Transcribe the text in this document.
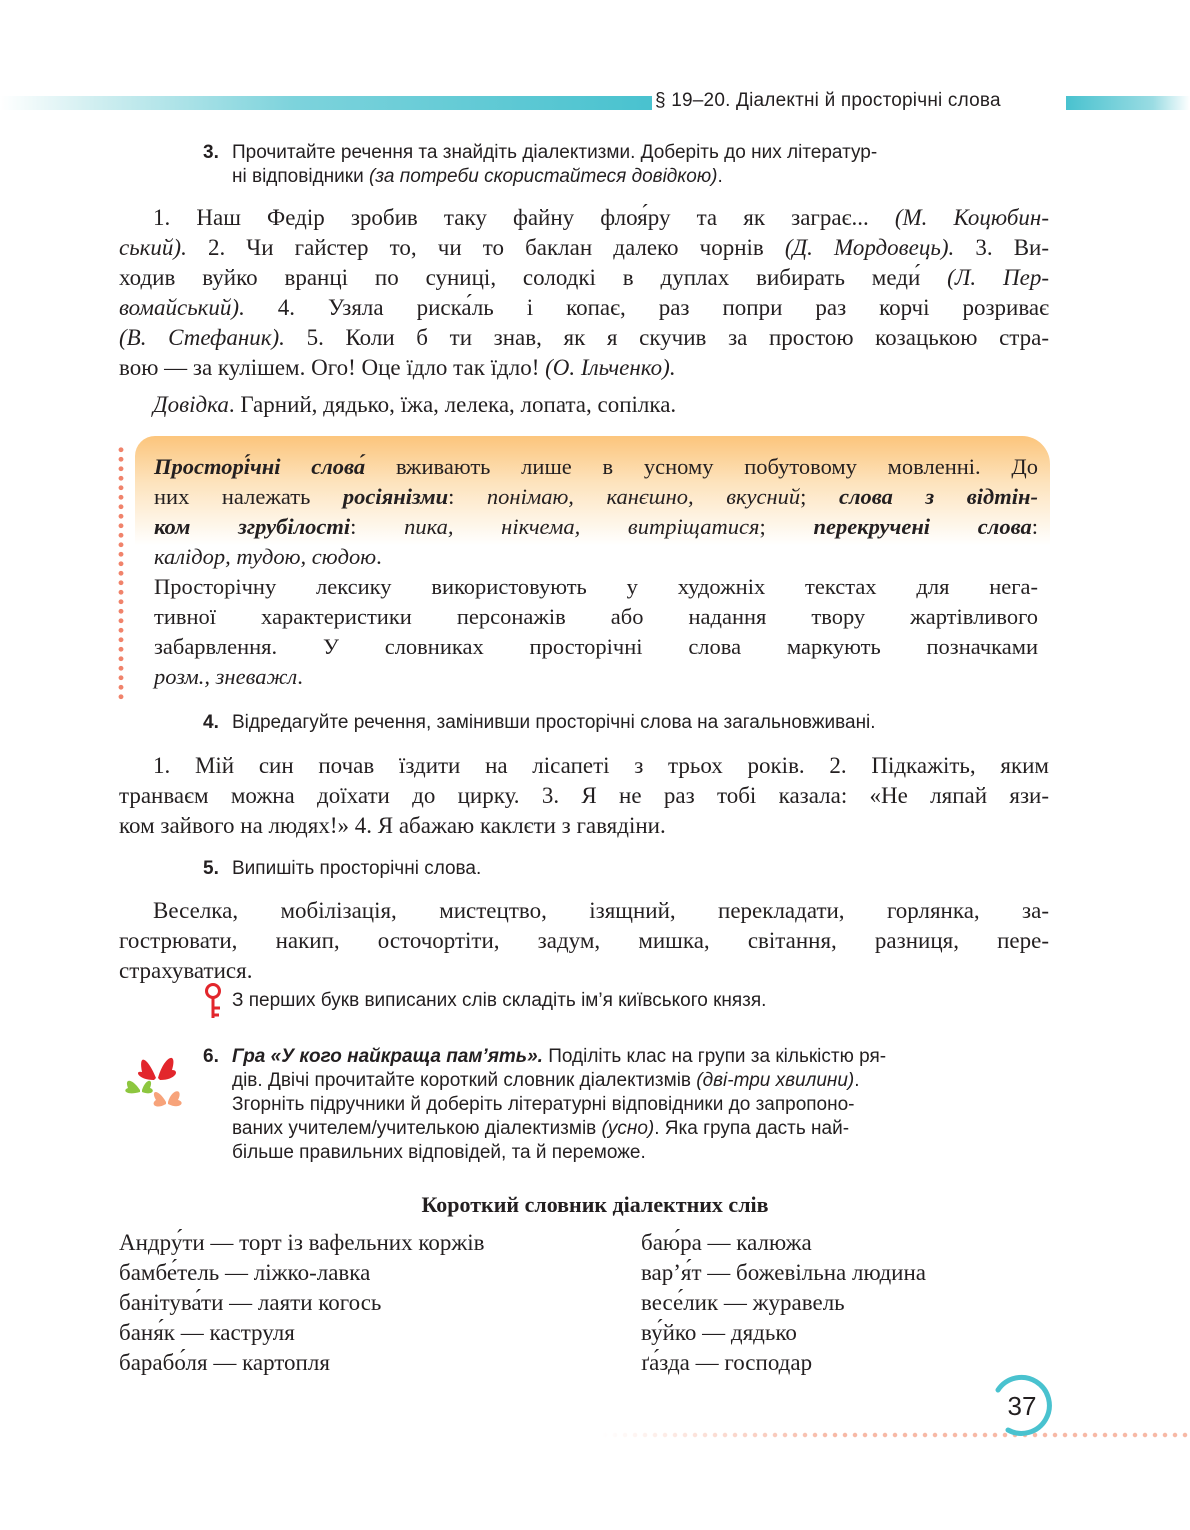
§ 19–20. Діалектні й просторічні слова
3. Прочитайте речення та знайдіть діалектизми. Доберіть до них літератур-
ні відповідники (за потреби скористайтеся довідкою).
1. Наш Федір зробив таку файну флоя́ру та як заграє... (М. Коцюбин-
ський). 2. Чи гайстер то, чи то баклан далеко чорнів (Д. Мордовець). 3. Ви-
ходив вуйко вранці по суниці, солодкі в дуплах вибирать меди́ (Л. Пер-
вомайський). 4. Узяла риска́ль і копає, раз попри раз корчі розриває
(В. Стефаник). 5. Коли б ти знав, як я скучив за простою козацькою стра-
вою — за кулішем. Ого! Оце їдло так їдло! (О. Ільченко).
Довідка. Гарний, дядько, їжа, лелека, лопата, сопілка.
Просторі́чні слова́ вживають лише в усному побутовому мовленні. До
них належать росіянізми: понімаю, канєшно, вкусний; слова з відтін-
ком згрубілості: пика, нікчема, витріщатися; перекручені слова:
калідор, тудою, сюдою.
Просторічну лексику використовують у художніх текстах для нега-
тивної характеристики персонажів або надання твору жартівливого
забарвлення. У словниках просторічні слова маркують позначками
розм., зневажл.
4. Відредагуйте речення, замінивши просторічні слова на загальновживані.
1. Мій син почав їздити на лісапеті з трьох років. 2. Підкажіть, яким
транваєм можна доїхати до цирку. 3. Я не раз тобі казала: «Не ляпай язи-
ком зайвого на людях!» 4. Я абажаю каклєти з гавядіни.
5. Випишіть просторічні слова.
Веселка, мобілізація, мистецтво, ізящний, перекладати, горлянка, за-
гострювати, накип, осточортіти, задум, мишка, світання, разниця, пере-
страхуватися.
З перших букв виписаних слів складіть ім’я київського князя.
6. Гра «У кого найкраща пам’ять». Поділіть клас на групи за кількістю ря-
дів. Двічі прочитайте короткий словник діалектизмів (дві-три хвилини).
Згорніть підручники й доберіть літературні відповідники до запропоно-
ваних учителем/учителькою діалектизмів (усно). Яка група дасть най-
більше правильних відповідей, та й переможе.
Короткий словник діалектних слів
Андру́ти — торт із вафельних коржів
бамбе́тель — ліжко-лавка
банітува́ти — лаяти когось
баня́к — каструля
барабо́ля — картопля
баю́ра — калюжа
вар’я́т — божевільна людина
весе́лик — журавель
ву́йко — дядько
ґа́зда — господар
37
